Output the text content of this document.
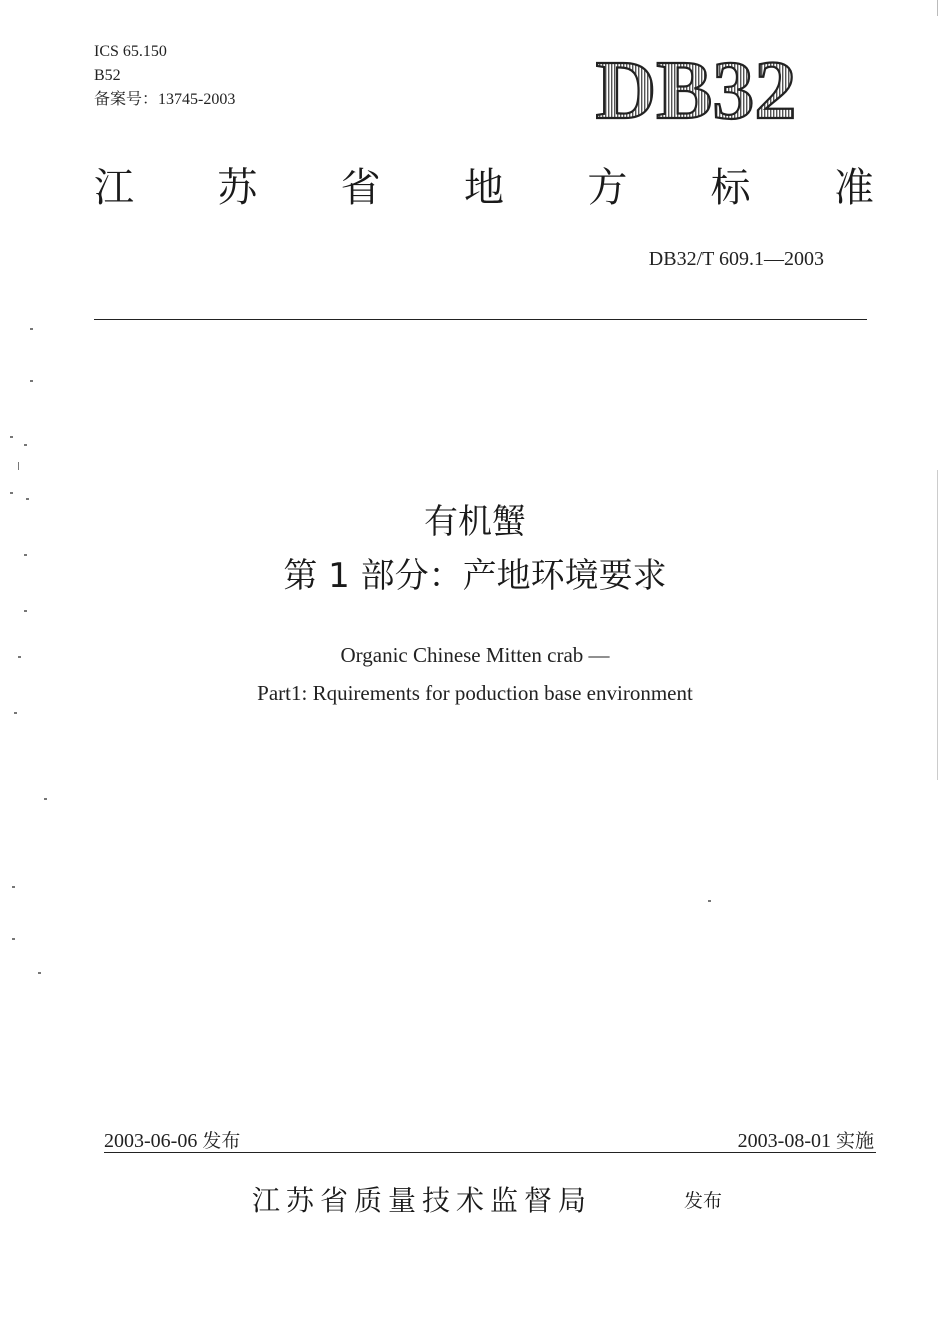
ICS 65.150
B52
备案号：13745-2003	DB32
江 苏 省 地 方 标 准
DB32/T 609.1—2003
有机蟹
第 1 部分：产地环境要求
Organic Chinese Mitten crab —
Part1: Rquirements for poduction base environment
2003-06-06 发布	2003-08-01 实施
江苏省质量技术监督局	发布
